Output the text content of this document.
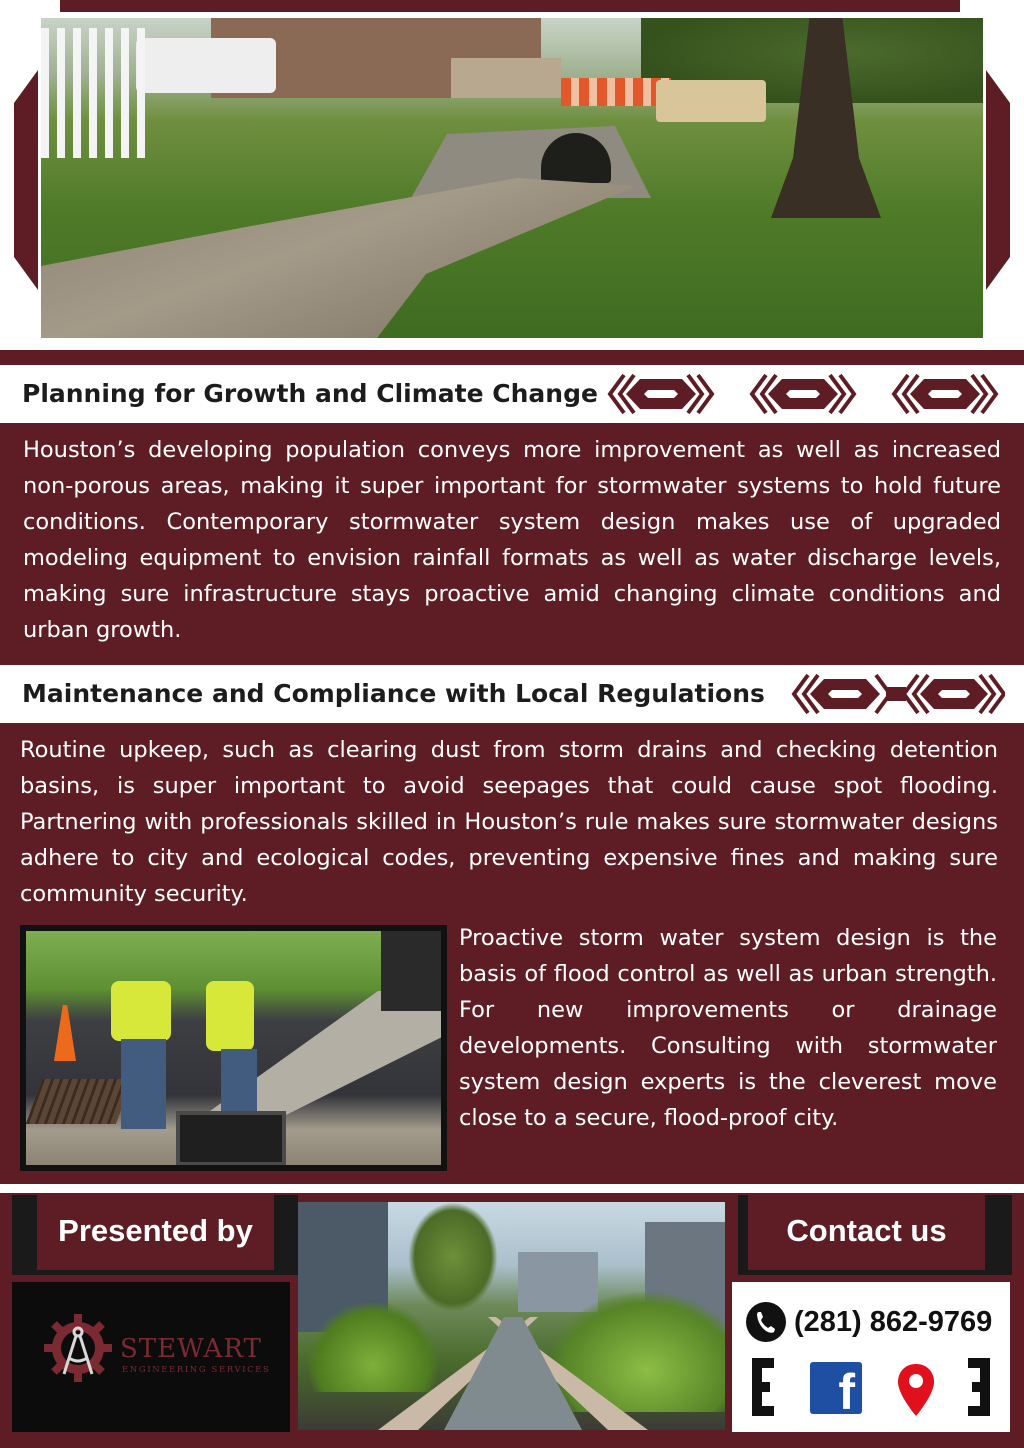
Planning for Growth and Climate Change
Houston’s developing population conveys more improvement as well as increased non-porous areas, making it super important for stormwater systems to hold future conditions. Contemporary stormwater system design makes use of upgraded modeling equipment to envision rainfall formats as well as water discharge levels, making sure infrastructure stays proactive amid changing climate conditions and urban growth.
Maintenance and Compliance with Local Regulations
Routine upkeep, such as clearing dust from storm drains and checking detention basins, is super important to avoid seepages that could cause spot flooding. Partnering with professionals skilled in Houston’s rule makes sure stormwater designs adhere to city and ecological codes, preventing expensive fines and making sure community security.
Proactive storm water system design is the basis of flood control as well as urban strength. For new improvements or drainage developments. Consulting with stormwater system design experts is the cleverest move close to a secure, flood-proof city.
Presented by	Contact us
STEWART
ENGINEERING SERVICES
(281) 862-9769
f
